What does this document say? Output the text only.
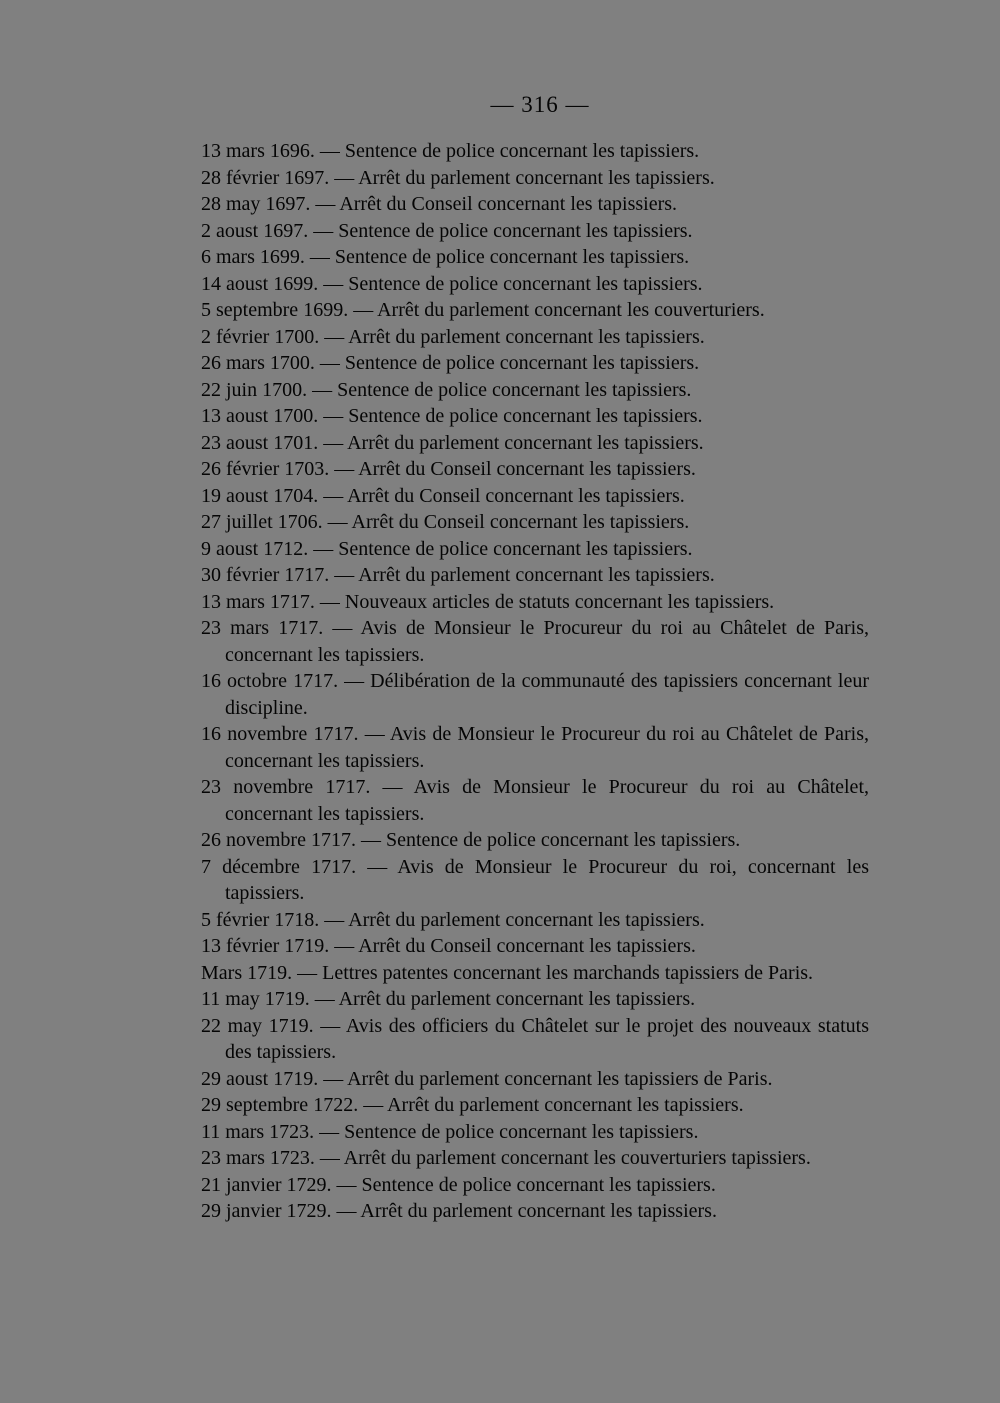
— 316 —
13 mars 1696. — Sentence de police concernant les tapissiers.
28 février 1697. — Arrêt du parlement concernant les tapissiers.
28 may 1697. — Arrêt du Conseil concernant les tapissiers.
2 aoust 1697. — Sentence de police concernant les tapissiers.
6 mars 1699. — Sentence de police concernant les tapissiers.
14 aoust 1699. — Sentence de police concernant les tapissiers.
5 septembre 1699. — Arrêt du parlement concernant les couverturiers.
2 février 1700. — Arrêt du parlement concernant les tapissiers.
26 mars 1700. — Sentence de police concernant les tapissiers.
22 juin 1700. — Sentence de police concernant les tapissiers.
13 aoust 1700. — Sentence de police concernant les tapissiers.
23 aoust 1701. — Arrêt du parlement concernant les tapissiers.
26 février 1703. — Arrêt du Conseil concernant les tapissiers.
19 aoust 1704. — Arrêt du Conseil concernant les tapissiers.
27 juillet 1706. — Arrêt du Conseil concernant les tapissiers.
9 aoust 1712. — Sentence de police concernant les tapissiers.
30 février 1717. — Arrêt du parlement concernant les tapissiers.
13 mars 1717. — Nouveaux articles de statuts concernant les tapissiers.
23 mars 1717. — Avis de Monsieur le Procureur du roi au Châtelet de Paris, concernant les tapissiers.
16 octobre 1717. — Délibération de la communauté des tapissiers concernant leur discipline.
16 novembre 1717. — Avis de Monsieur le Procureur du roi au Châtelet de Paris, concernant les tapissiers.
23 novembre 1717. — Avis de Monsieur le Procureur du roi au Châtelet, concernant les tapissiers.
26 novembre 1717. — Sentence de police concernant les tapissiers.
7 décembre 1717. — Avis de Monsieur le Procureur du roi, concernant les tapissiers.
5 février 1718. — Arrêt du parlement concernant les tapissiers.
13 février 1719. — Arrêt du Conseil concernant les tapissiers.
Mars 1719. — Lettres patentes concernant les marchands tapissiers de Paris.
11 may 1719. — Arrêt du parlement concernant les tapissiers.
22 may 1719. — Avis des officiers du Châtelet sur le projet des nouveaux statuts des tapissiers.
29 aoust 1719. — Arrêt du parlement concernant les tapissiers de Paris.
29 septembre 1722. — Arrêt du parlement concernant les tapissiers.
11 mars 1723. — Sentence de police concernant les tapissiers.
23 mars 1723. — Arrêt du parlement concernant les couverturiers tapissiers.
21 janvier 1729. — Sentence de police concernant les tapissiers.
29 janvier 1729. — Arrêt du parlement concernant les tapissiers.
